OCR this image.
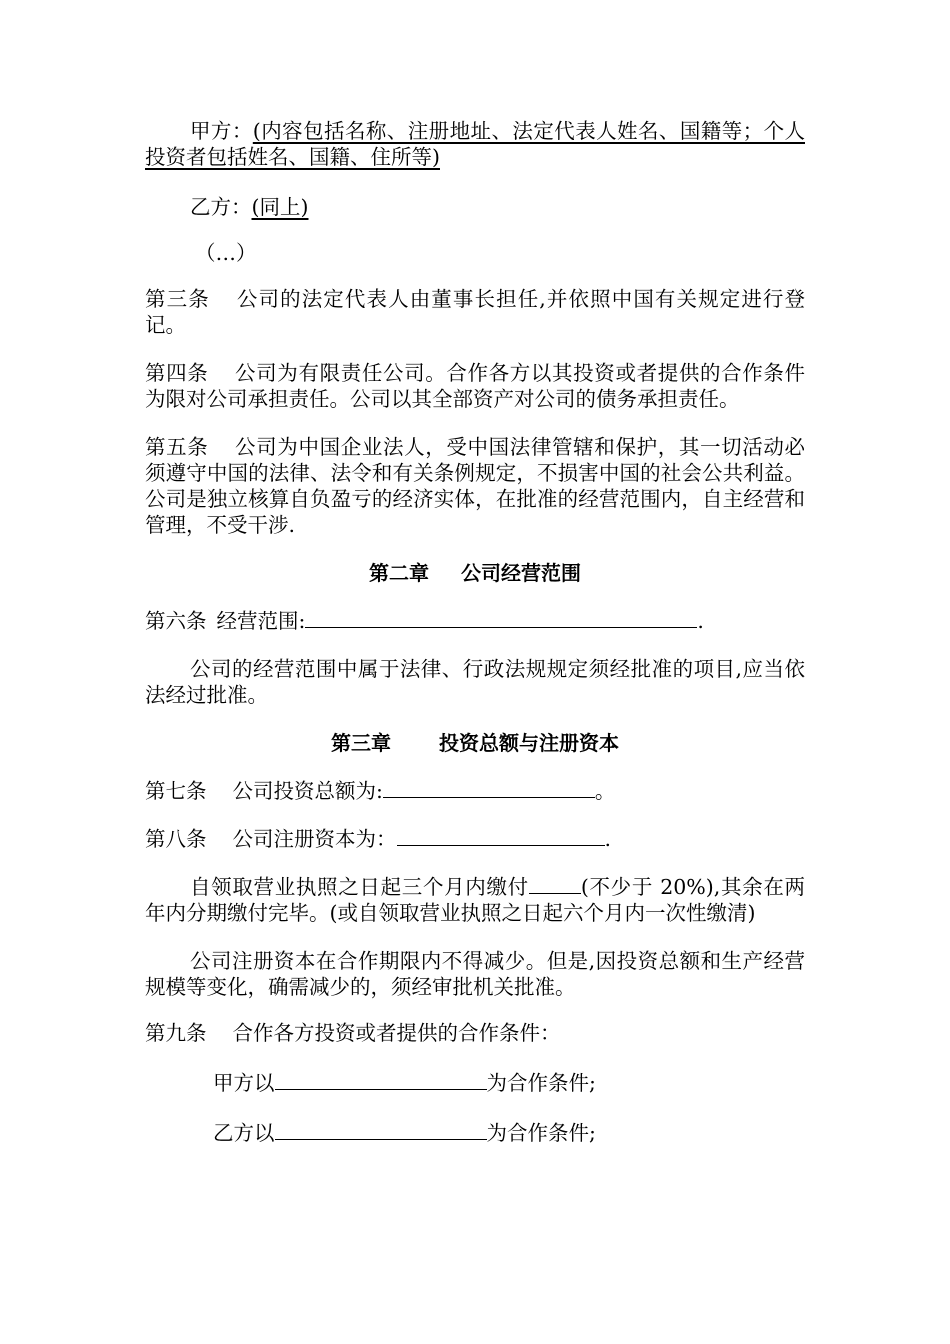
甲方：(内容包括名称、注册地址、法定代表人姓名、国籍等；个人投资者包括姓名、国籍、住所等)

乙方：(同上)

（…）

第三条 公司的法定代表人由董事长担任,并依照中国有关规定进行登记。

第四条 公司为有限责任公司。合作各方以其投资或者提供的合作条件为限对公司承担责任。公司以其全部资产对公司的债务承担责任。

第五条 公司为中国企业法人，受中国法律管辖和保护，其一切活动必须遵守中国的法律、法令和有关条例规定，不损害中国的社会公共利益。公司是独立核算自负盈亏的经济实体，在批准的经营范围内，自主经营和管理，不受干涉.

第二章 公司经营范围

第六条 经营范围:	.

公司的经营范围中属于法律、行政法规规定须经批准的项目,应当依法经过批准。

第三章 投资总额与注册资本

第七条 公司投资总额为:	。

第八条 公司注册资本为：	.

自领取营业执照之日起三个月内缴付	(不少于 20%),其余在两年内分期缴付完毕。(或自领取营业执照之日起六个月内一次性缴清)

公司注册资本在合作期限内不得减少。但是,因投资总额和生产经营规模等变化，确需减少的，须经审批机关批准。

第九条 合作各方投资或者提供的合作条件：

甲方以	为合作条件;

乙方以	为合作条件;
